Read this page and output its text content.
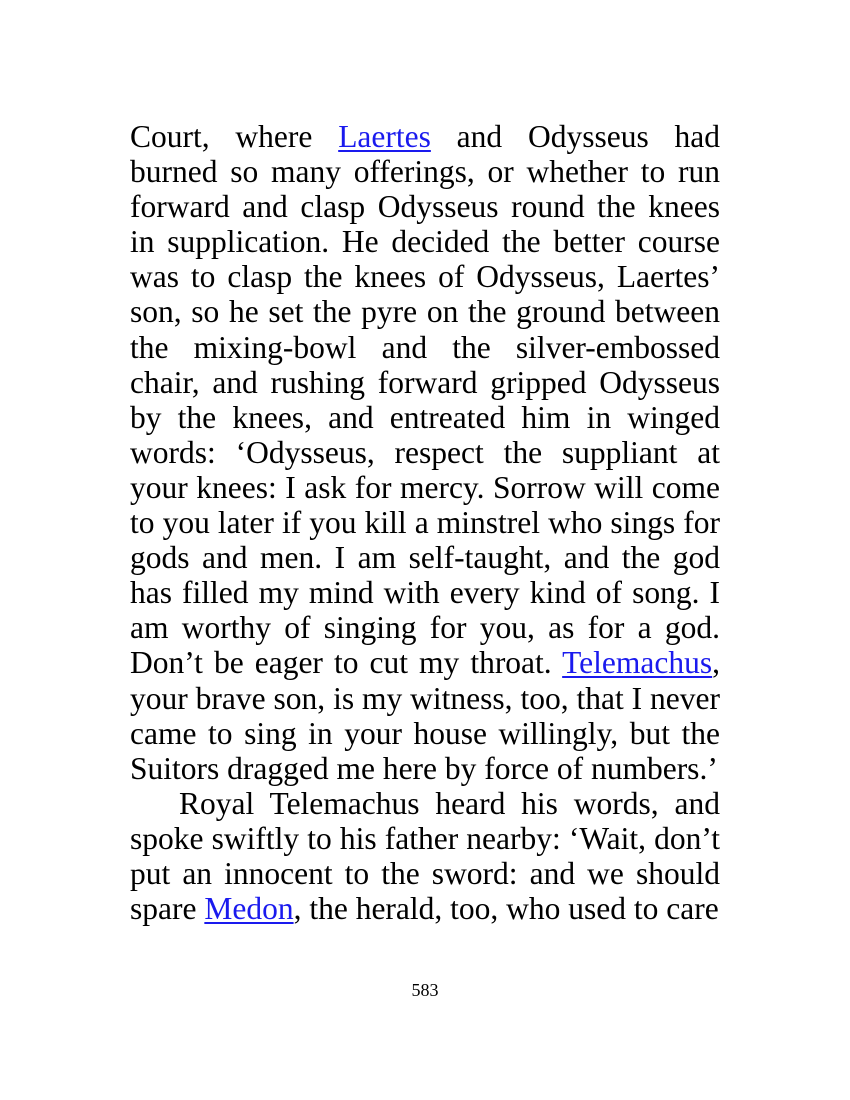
Court, where Laertes and Odysseus had burned so many offerings, or whether to run forward and clasp Odysseus round the knees in supplication. He decided the better course was to clasp the knees of Odysseus, Laertes’ son, so he set the pyre on the ground between the mixing-bowl and the silver-embossed chair, and rushing forward gripped Odysseus by the knees, and entreated him in winged words: ‘Odysseus, respect the suppliant at your knees: I ask for mercy. Sorrow will come to you later if you kill a minstrel who sings for gods and men. I am self-taught, and the god has filled my mind with every kind of song. I am worthy of singing for you, as for a god. Don’t be eager to cut my throat. Telemachus, your brave son, is my witness, too, that I never came to sing in your house willingly, but the Suitors dragged me here by force of numbers.’

Royal Telemachus heard his words, and spoke swiftly to his father nearby: ‘Wait, don’t put an innocent to the sword: and we should spare Medon, the herald, too, who used to care

583
